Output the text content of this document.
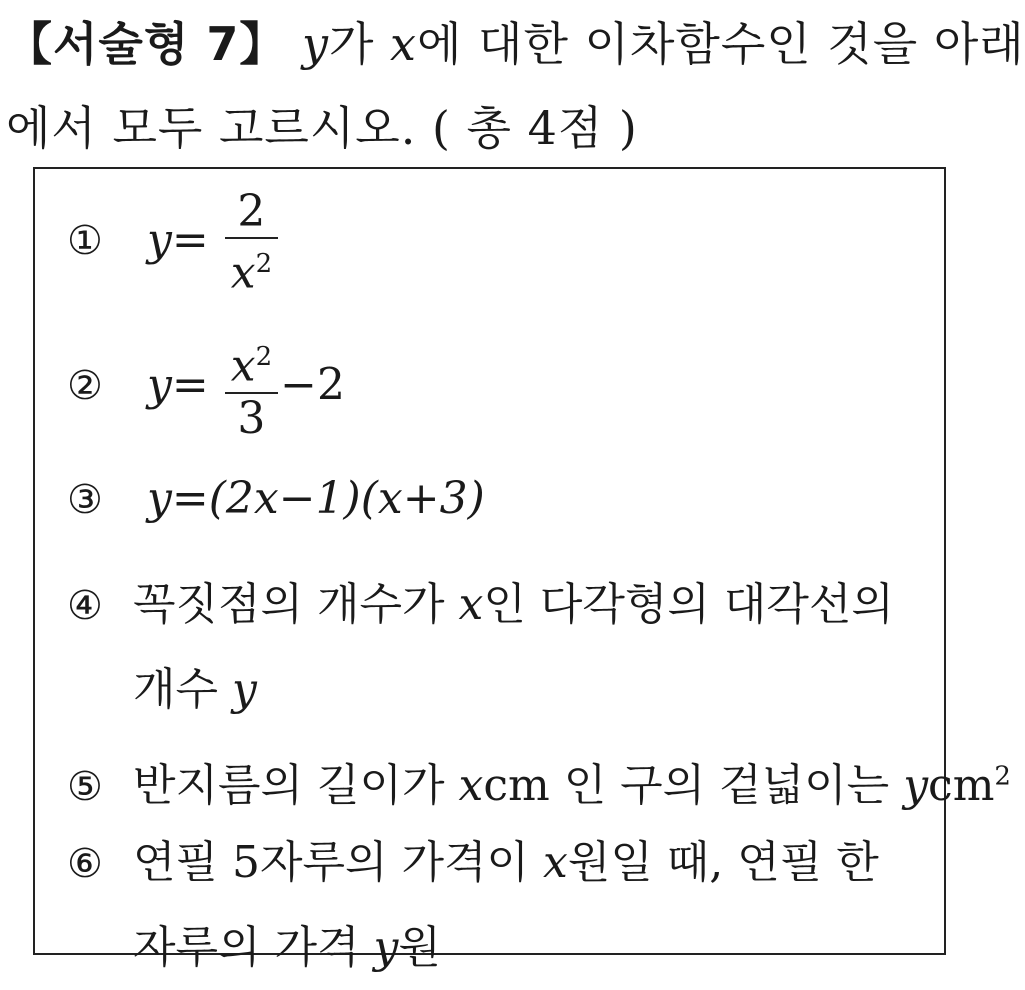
【서술형 7】 y가 x에 대한 이차함수인 것을 아래
에서 모두 고르시오. ( 총 4점 )
① $y= \frac{2}{x^2}$
② $y= \frac{x^2}{3} -2$
③ y=(2x−1)(x+3)
④ 꼭짓점의 개수가 x인 다각형의 대각선의
개수 y
⑤ 반지름의 길이가 xcm 인 구의 겉넓이는 ycm$^2$
⑥ 연필 5자루의 가격이 x원일 때, 연필 한
자루의 가격 y원
